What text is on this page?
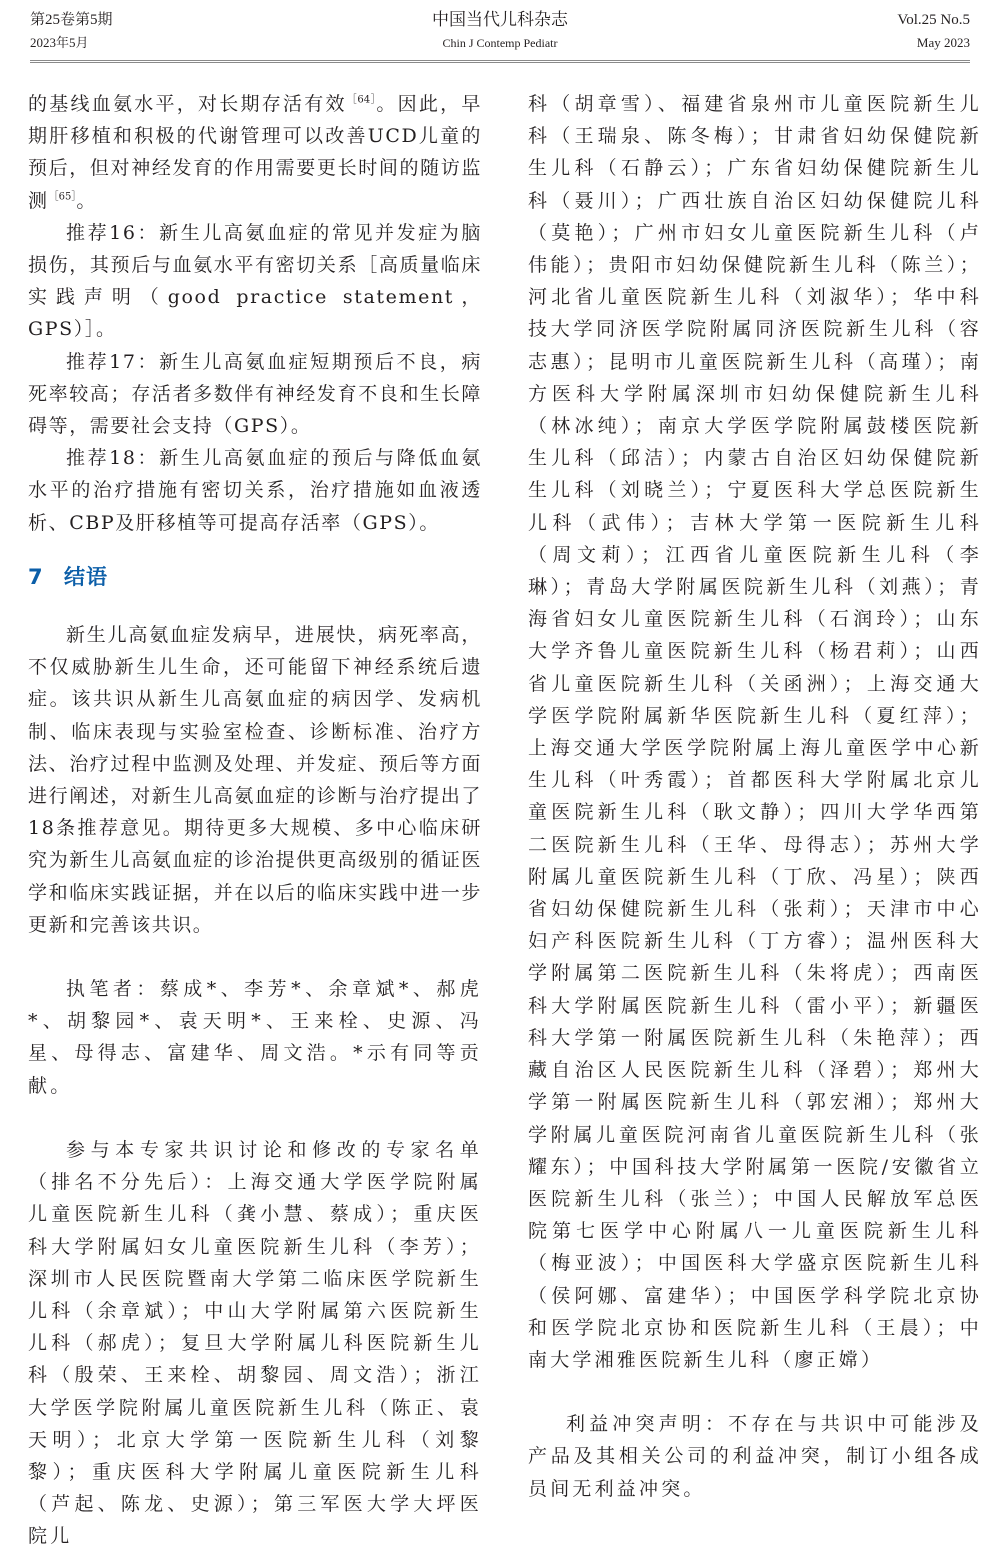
第25卷第5期
2023年5月
中国当代儿科杂志
Chin J Contemp Pediatr
Vol.25 No.5
May 2023

的基线血氨水平，对长期存活有效$^{[64]}$。因此，早期肝移植和积极的代谢管理可以改善UCD儿童的预后，但对神经发育的作用需要更长时间的随访监测$^{[65]}$。

推荐16：新生儿高氨血症的常见并发症为脑损伤，其预后与血氨水平有密切关系［高质量临床实践声明（good practice statement，GPS）］。

推荐17：新生儿高氨血症短期预后不良，病死率较高；存活者多数伴有神经发育不良和生长障碍等，需要社会支持（GPS）。

推荐18：新生儿高氨血症的预后与降低血氨水平的治疗措施有密切关系，治疗措施如血液透析、CBP及肝移植等可提高存活率（GPS）。

7 结语

新生儿高氨血症发病早，进展快，病死率高，不仅威胁新生儿生命，还可能留下神经系统后遗症。该共识从新生儿高氨血症的病因学、发病机制、临床表现与实验室检查、诊断标准、治疗方法、治疗过程中监测及处理、并发症、预后等方面进行阐述，对新生儿高氨血症的诊断与治疗提出了18条推荐意见。期待更多大规模、多中心临床研究为新生儿高氨血症的诊治提供更高级别的循证医学和临床实践证据，并在以后的临床实践中进一步更新和完善该共识。

执笔者：蔡成*、李芳*、余章斌*、郝虎*、胡黎园*、袁天明*、王来栓、史源、冯星、母得志、富建华、周文浩。*示有同等贡献。

参与本专家共识讨论和修改的专家名单（排名不分先后）：上海交通大学医学院附属儿童医院新生儿科（龚小慧、蔡成）；重庆医科大学附属妇女儿童医院新生儿科（李芳）；深圳市人民医院暨南大学第二临床医学院新生儿科（余章斌）；中山大学附属第六医院新生儿科（郝虎）；复旦大学附属儿科医院新生儿科（殷荣、王来栓、胡黎园、周文浩）；浙江大学医学院附属儿童医院新生儿科（陈正、袁天明）；北京大学第一医院新生儿科（刘黎黎）；重庆医科大学附属儿童医院新生儿科（芦起、陈龙、史源）；第三军医大学大坪医院儿

科（胡章雪）、福建省泉州市儿童医院新生儿科（王瑞泉、陈冬梅）；甘肃省妇幼保健院新生儿科（石静云）；广东省妇幼保健院新生儿科（聂川）；广西壮族自治区妇幼保健院儿科（莫艳）；广州市妇女儿童医院新生儿科（卢伟能）；贵阳市妇幼保健院新生儿科（陈兰）；河北省儿童医院新生儿科（刘淑华）；华中科技大学同济医学院附属同济医院新生儿科（容志惠）；昆明市儿童医院新生儿科（高瑾）；南方医科大学附属深圳市妇幼保健院新生儿科（林冰纯）；南京大学医学院附属鼓楼医院新生儿科（邱洁）；内蒙古自治区妇幼保健院新生儿科（刘晓兰）；宁夏医科大学总医院新生儿科（武伟）；吉林大学第一医院新生儿科（周文莉）；江西省儿童医院新生儿科（李琳）；青岛大学附属医院新生儿科（刘燕）；青海省妇女儿童医院新生儿科（石润玲）；山东大学齐鲁儿童医院新生儿科（杨君莉）；山西省儿童医院新生儿科（关函洲）；上海交通大学医学院附属新华医院新生儿科（夏红萍）；上海交通大学医学院附属上海儿童医学中心新生儿科（叶秀霞）；首都医科大学附属北京儿童医院新生儿科（耿文静）；四川大学华西第二医院新生儿科（王华、母得志）；苏州大学附属儿童医院新生儿科（丁欣、冯星）；陕西省妇幼保健院新生儿科（张莉）；天津市中心妇产科医院新生儿科（丁方睿）；温州医科大学附属第二医院新生儿科（朱将虎）；西南医科大学附属医院新生儿科（雷小平）；新疆医科大学第一附属医院新生儿科（朱艳萍）；西藏自治区人民医院新生儿科（泽碧）；郑州大学第一附属医院新生儿科（郭宏湘）；郑州大学附属儿童医院河南省儿童医院新生儿科（张耀东）；中国科技大学附属第一医院/安徽省立医院新生儿科（张兰）；中国人民解放军总医院第七医学中心附属八一儿童医院新生儿科（梅亚波）；中国医科大学盛京医院新生儿科（侯阿娜、富建华）；中国医学科学院北京协和医学院北京协和医院新生儿科（王晨）；中南大学湘雅医院新生儿科（廖正嫦）

利益冲突声明：不存在与共识中可能涉及产品及其相关公司的利益冲突，制订小组各成员间无利益冲突。
